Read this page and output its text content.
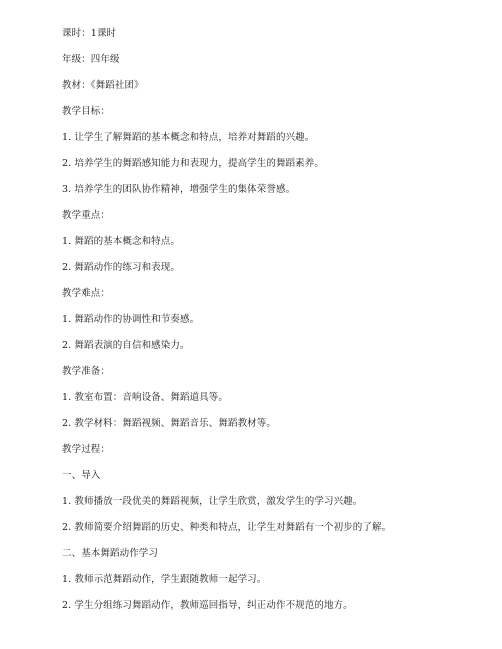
课时：1课时
年级：四年级
教材：《舞蹈社团》
教学目标：
1. 让学生了解舞蹈的基本概念和特点，培养对舞蹈的兴趣。
2. 培养学生的舞蹈感知能力和表现力，提高学生的舞蹈素养。
3. 培养学生的团队协作精神，增强学生的集体荣誉感。
教学重点：
1. 舞蹈的基本概念和特点。
2. 舞蹈动作的练习和表现。
教学难点：
1. 舞蹈动作的协调性和节奏感。
2. 舞蹈表演的自信和感染力。
教学准备：
1. 教室布置：音响设备、舞蹈道具等。
2. 教学材料：舞蹈视频、舞蹈音乐、舞蹈教材等。
教学过程：
一、导入
1. 教师播放一段优美的舞蹈视频，让学生欣赏，激发学生的学习兴趣。
2. 教师简要介绍舞蹈的历史、种类和特点，让学生对舞蹈有一个初步的了解。
二、基本舞蹈动作学习
1. 教师示范舞蹈动作，学生跟随教师一起学习。
2. 学生分组练习舞蹈动作，教师巡回指导，纠正动作不规范的地方。
